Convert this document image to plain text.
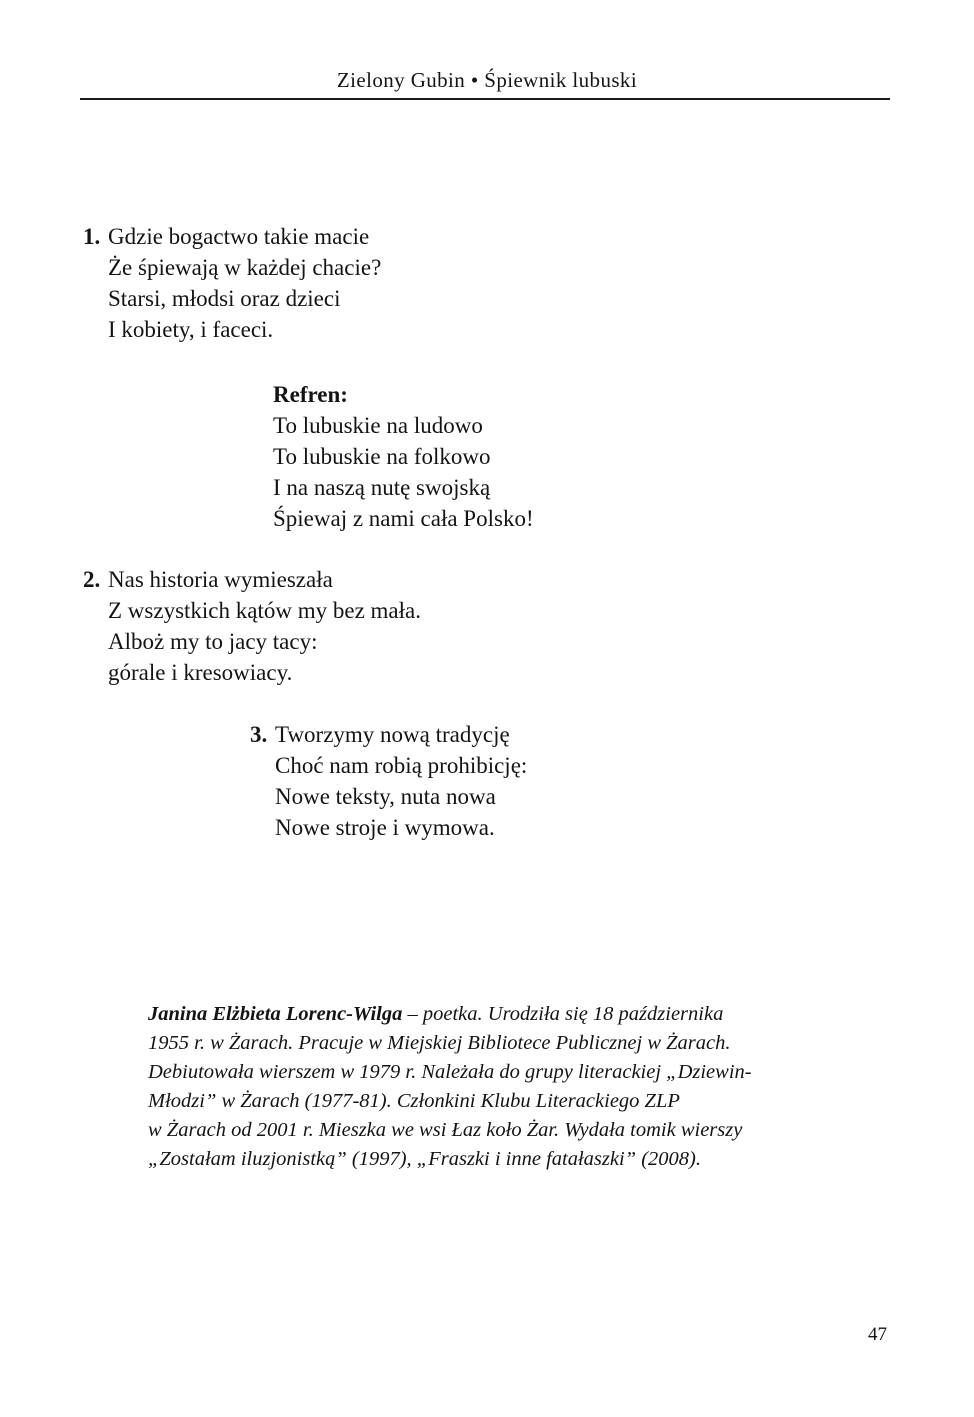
Zielony Gubin • Śpiewnik lubuski
1. Gdzie bogactwo takie macie
Że śpiewają w każdej chacie?
Starsi, młodsi oraz dzieci
I kobiety, i faceci.
Refren:
To lubuskie na ludowo
To lubuskie na folkowo
I na naszą nutę swojską
Śpiewaj z nami cała Polsko!
2. Nas historia wymieszała
Z wszystkich kątów my bez mała.
Alboż my to jacy tacy:
górale i kresowiacy.
3. Tworzymy nową tradycję
Choć nam robią prohibicję:
Nowe teksty, nuta nowa
Nowe stroje i wymowa.
Janina Elżbieta Lorenc-Wilga – poetka. Urodziła się 18 października
1955 r. w Żarach. Pracuje w Miejskiej Bibliotece Publicznej w Żarach.
Debiutowała wierszem w 1979 r. Należała do grupy literackiej „Dziewin-
Młodzi” w Żarach (1977-81). Członkini Klubu Literackiego ZLP
w Żarach od 2001 r. Mieszka we wsi Łaz koło Żar. Wydała tomik wierszy
„Zostałam iluzjonistką” (1997), „Fraszki i inne fatałaszki” (2008).
47
